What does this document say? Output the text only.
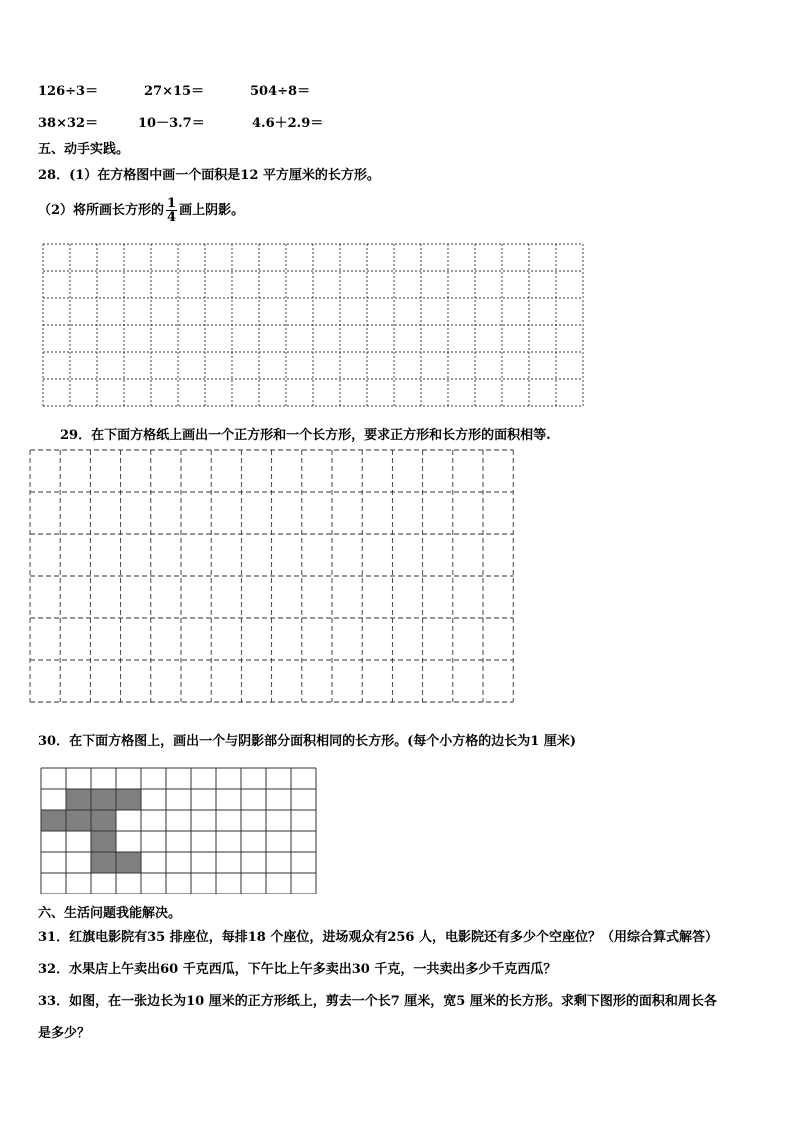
126÷3＝	27×15＝	504÷8＝
38×32＝	10－3.7＝	4.6＋2.9＝
五、动手实践。
28．(1）在方格图中画一个面积是12 平方厘米的长方形。
（2）将所画长方形的 $\frac{1}{4}$ 画上阴影。
29．在下面方格纸上画出一个正方形和一个长方形，要求正方形和长方形的面积相等.
30．在下面方格图上，画出一个与阴影部分面积相同的长方形。(每个小方格的边长为1 厘米)
六、生活问题我能解决。
31．红旗电影院有35 排座位，每排18 个座位，进场观众有256 人，电影院还有多少个空座位？（用综合算式解答）
32．水果店上午卖出60 千克西瓜，下午比上午多卖出30 千克，一共卖出多少千克西瓜？
33．如图，在一张边长为10 厘米的正方形纸上，剪去一个长7 厘米，宽5 厘米的长方形。求剩下图形的面积和周长各
是多少？
